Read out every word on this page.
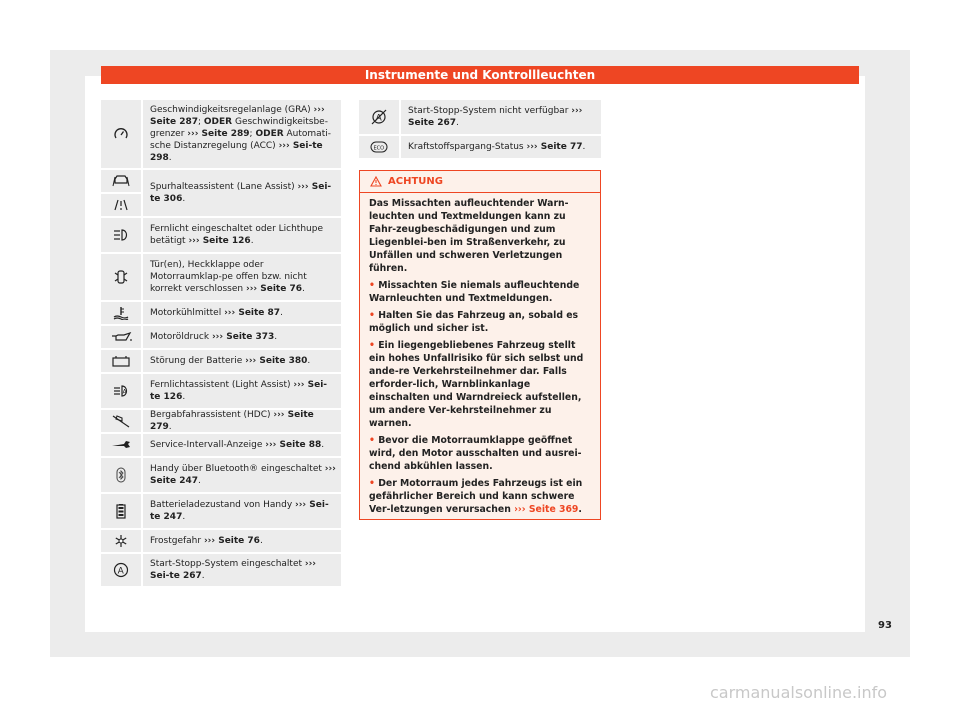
Instrumente und Kontrollleuchten
Geschwindigkeitsregelanlage (GRA) ››› Seite 287; ODER Geschwindigkeitsbe-grenzer ››› Seite 289; ODER Automati-sche Distanzregelung (ACC) ››› Sei-te 298.
Spurhalteassistent (Lane Assist) ››› Sei-te 306.
Fernlicht eingeschaltet oder Lichthupe betätigt ››› Seite 126.
Tür(en), Heckklappe oder Motorraumklap-pe offen bzw. nicht korrekt verschlossen ››› Seite 76.
Motorkühlmittel ››› Seite 87.
Motoröldruck ››› Seite 373.
Störung der Batterie ››› Seite 380.
A
Fernlichtassistent (Light Assist) ››› Sei-te 126.
Bergabfahrassistent (HDC) ››› Seite 279.
Service-Intervall-Anzeige ››› Seite 88.
Handy über Bluetooth® eingeschaltet ››› Seite 247.
Batterieladezustand von Handy ››› Sei-te 247.
Frostgefahr ››› Seite 76.
A
Start-Stopp-System eingeschaltet ››› Sei-te 267.
A
Start-Stopp-System nicht verfügbar ››› Seite 267.
ECO	Kraftstoffspargang-Status ››› Seite 77.
ACHTUNG

Das Missachten aufleuchtender Warn-leuchten und Textmeldungen kann zu Fahr-zeugbeschädigungen und zum Liegenblei-ben im Straßenverkehr, zu Unfällen und schweren Verletzungen führen.

• Missachten Sie niemals aufleuchtende Warnleuchten und Textmeldungen.

• Halten Sie das Fahrzeug an, sobald es möglich und sicher ist.

• Ein liegengebliebenes Fahrzeug stellt ein hohes Unfallrisiko für sich selbst und ande-re Verkehrsteilnehmer dar. Falls erforder-lich, Warnblinkanlage einschalten und Warndreieck aufstellen, um andere Ver-kehrsteilnehmer zu warnen.

• Bevor die Motorraumklappe geöffnet wird, den Motor ausschalten und ausrei-chend abkühlen lassen.

• Der Motorraum jedes Fahrzeugs ist ein gefährlicher Bereich und kann schwere Ver-letzungen verursachen ››› Seite 369.

93
carmanualsonline.info
